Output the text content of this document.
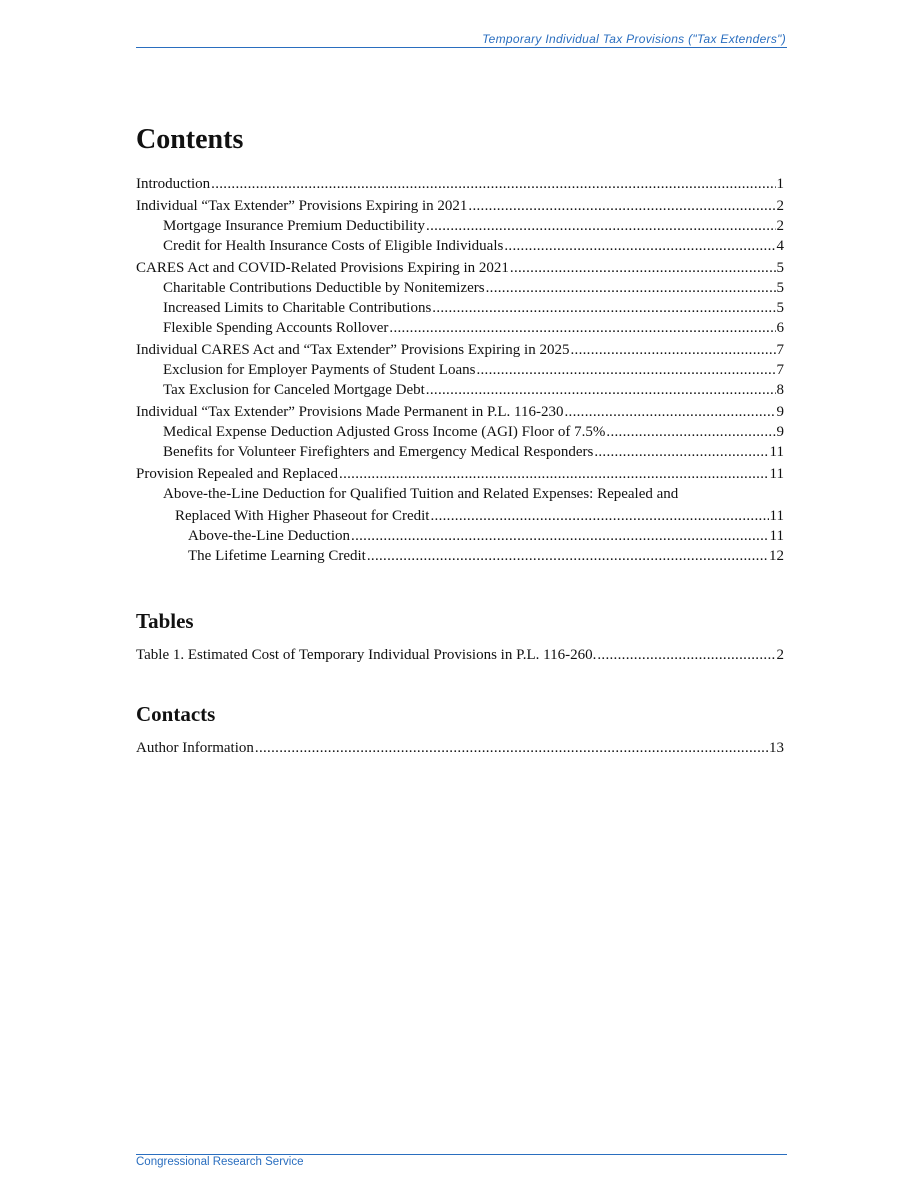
Temporary Individual Tax Provisions ("Tax Extenders")
Contents
Introduction .....	1
Individual “Tax Extender” Provisions Expiring in 2021 .....	2
Mortgage Insurance Premium Deductibility .....	2
Credit for Health Insurance Costs of Eligible Individuals .....	4
CARES Act and COVID-Related Provisions Expiring in 2021 .....	5
Charitable Contributions Deductible by Nonitemizers .....	5
Increased Limits to Charitable Contributions .....	5
Flexible Spending Accounts Rollover .....	6
Individual CARES Act and “Tax Extender” Provisions Expiring in 2025 .....	7
Exclusion for Employer Payments of Student Loans .....	7
Tax Exclusion for Canceled Mortgage Debt .....	8
Individual “Tax Extender” Provisions Made Permanent in P.L. 116-230 .....	9
Medical Expense Deduction Adjusted Gross Income (AGI) Floor of 7.5% .....	9
Benefits for Volunteer Firefighters and Emergency Medical Responders .....	11
Provision Repealed and Replaced .....	11
Above-the-Line Deduction for Qualified Tuition and Related Expenses: Repealed and
Replaced With Higher Phaseout for Credit .....	11
Above-the-Line Deduction .....	11
The Lifetime Learning Credit .....	12
Tables
Table 1. Estimated Cost of Temporary Individual Provisions in P.L. 116-260. .....	2
Contacts
Author Information .....	13
Congressional Research Service
